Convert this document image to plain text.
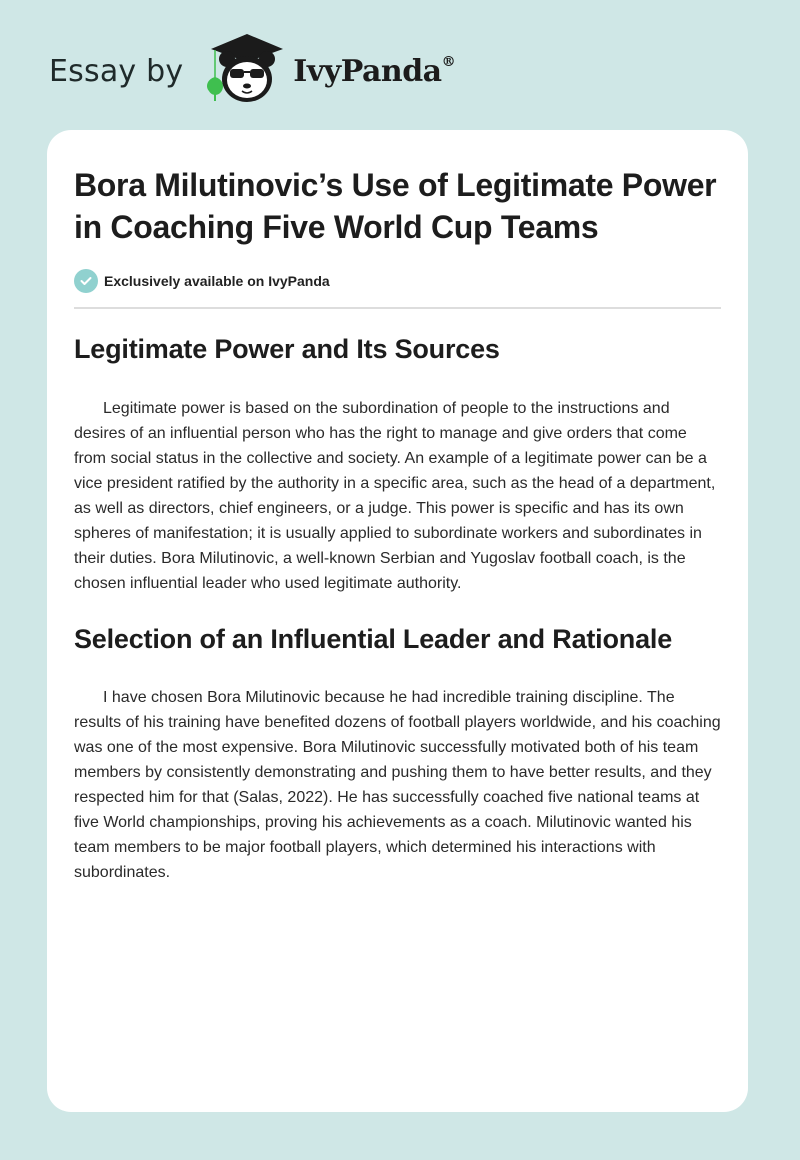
Essay by	IvyPanda®
Bora Milutinovic’s Use of Legitimate Power in Coaching Five World Cup Teams
Exclusively available on IvyPanda
Legitimate Power and Its Sources

Legitimate power is based on the subordination of people to the instructions and desires of an influential person who has the right to manage and give orders that come from social status in the collective and society. An example of a legitimate power can be a vice president ratified by the authority in a specific area, such as the head of a department, as well as directors, chief engineers, or a judge. This power is specific and has its own spheres of manifestation; it is usually applied to subordinate workers and subordinates in their duties. Bora Milutinovic, a well-known Serbian and Yugoslav football coach, is the chosen influential leader who used legitimate authority.

Selection of an Influential Leader and Rationale

I have chosen Bora Milutinovic because he had incredible training discipline. The results of his training have benefited dozens of football players worldwide, and his coaching was one of the most expensive. Bora Milutinovic successfully motivated both of his team members by consistently demonstrating and pushing them to have better results, and they respected him for that (Salas, 2022). He has successfully coached five national teams at five World championships, proving his achievements as a coach. Milutinovic wanted his team members to be major football players, which determined his interactions with subordinates.
